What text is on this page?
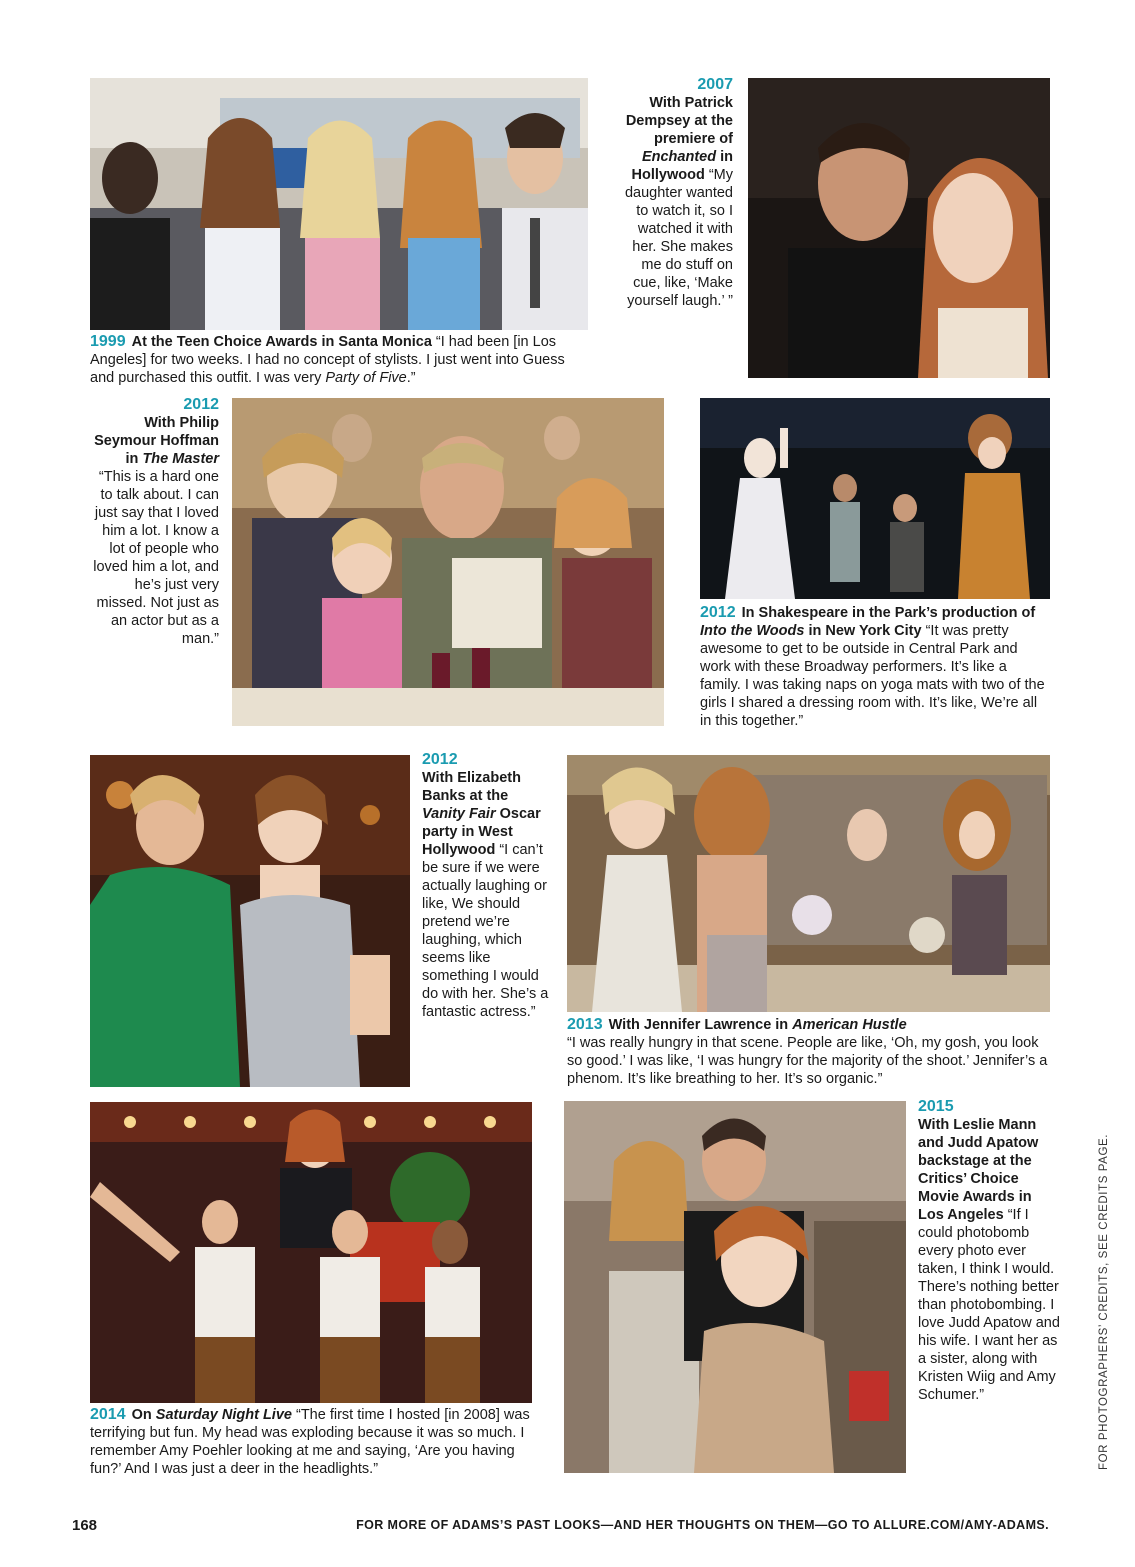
1999 At the Teen Choice Awards in Santa Monica “I had been [in Los Angeles] for two weeks. I had no concept of stylists. I just went into Guess and purchased this outfit. I was very Party of Five.”

2007
With Patrick Dempsey at the premiere of Enchanted in Hollywood “My daughter wanted to watch it, so I watched it with her. She makes me do stuff on cue, like, ‘Make yourself laugh.’ ”

2012
With Philip Seymour Hoffman in The Master “This is a hard one to talk about. I can just say that I loved him a lot. I know a lot of people who loved him a lot, and he’s just very missed. Not just as an actor but as a man.”

2012 In Shakespeare in the Park’s production of Into the Woods in New York City “It was pretty awesome to get to be outside in Central Park and work with these Broadway performers. It’s like a family. I was taking naps on yoga mats with two of the girls I shared a dressing room with. It’s like, We’re all in this together.”

2012
With Elizabeth Banks at the Vanity Fair Oscar party in West Hollywood “I can’t be sure if we were actually laughing or like, We should pretend we’re laughing, which seems like something I would do with her. She’s a fantastic actress.”

2013 With Jennifer Lawrence in American Hustle
“I was really hungry in that scene. People are like, ‘Oh, my gosh, you look so good.’ I was like, ‘I was hungry for the majority of the shoot.’ Jennifer’s a phenom. It’s like breathing to her. It’s so organic.”

2014 On Saturday Night Live “The first time I hosted [in 2008] was terrifying but fun. My head was exploding because it was so much. I remember Amy Poehler looking at me and saying, ‘Are you having fun?’ And I was just a deer in the headlights.”

2015
With Leslie Mann and Judd Apatow backstage at the Critics’ Choice Movie Awards in Los Angeles “If I could photobomb every photo ever taken, I think I would. There’s nothing better than photobombing. I love Judd Apatow and his wife. I want her as a sister, along with Kristen Wiig and Amy Schumer.”	FOR PHOTOGRAPHERS’ CREDITS, SEE CREDITS PAGE.
168	FOR MORE OF ADAMS’S PAST LOOKS—AND HER THOUGHTS ON THEM—GO TO ALLURE.COM/AMY-ADAMS.
